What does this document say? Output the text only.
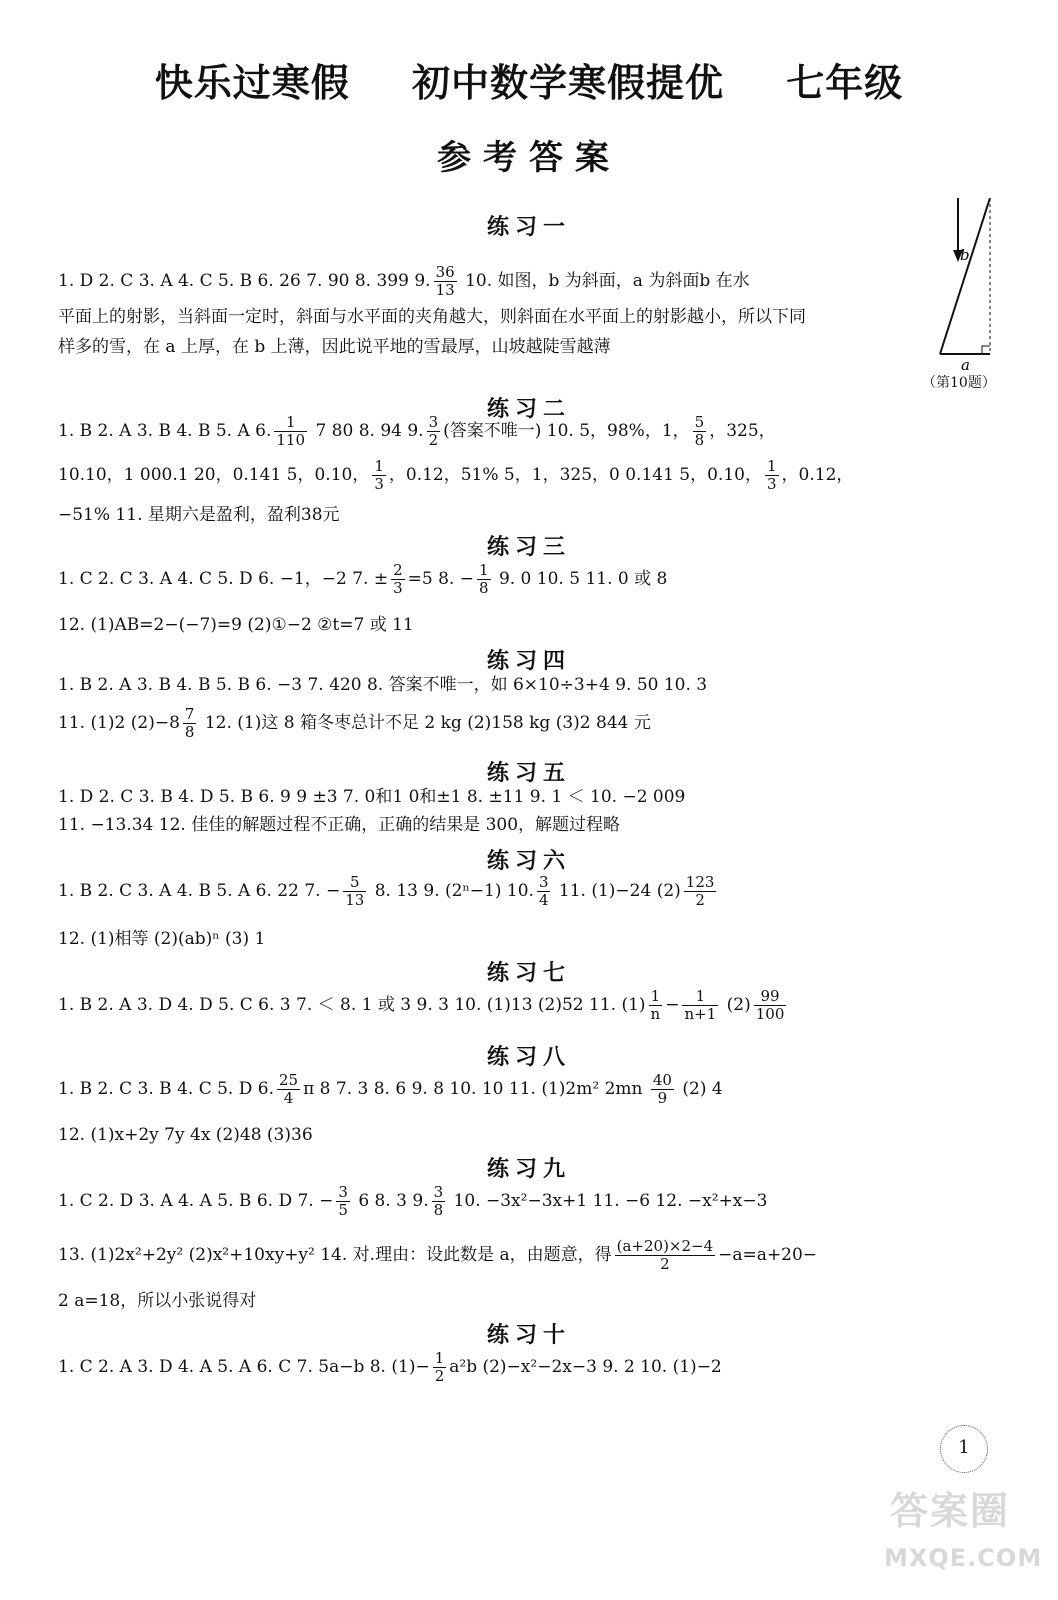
快乐过寒假 初中数学寒假提优 七年级
参考答案
b
a
（第10题）
练习一
1. D 2. C 3. A 4. C 5. B 6. 26 7. 90 8. 399 9. $\frac{36}{13} 10$. 如图，b 为斜面，a 为斜面b 在水
平面上的射影，当斜面一定时，斜面与水平面的夹角越大，则斜面在水平面上的射影越小，所以下同
样多的雪，在 a 上厚，在 b 上薄，因此说平地的雪最厚，山坡越陡雪越薄
练习二
1. B 2. A 3. B 4. B 5. A 6. $\frac{1}{110} 7$ 80 8. 94 9. $\frac{3}{2}$ (答案不唯一) 10. 5，98%，1， $\frac{5}{8}$ ，325，
10.10，1 000.1 20，0.141 5，0.10， $\frac{1}{3}$ ，0.12，51% 5，1，325，0 0.141 5，0.10， $\frac{1}{3}$ ，0.12，
−51% 11. 星期六是盈利，盈利38元
练习三
1. C 2. C 3. A 4. C 5. D 6. −1，−2 7. ± $\frac{2}{3} =5$ 8. − $\frac{1}{8} 9$. 0 10. 5 11. 0 或 8
12. (1)AB=2−(−7)=9 (2)①−2 ②t=7 或 11
练习四
1. B 2. A 3. B 4. B 5. B 6. −3 7. 420 8. 答案不唯一，如 6×10÷3+4 9. 50 10. 3
11. (1)2 $(2)-8 \frac{7}{8} 12$. (1)这 8 箱冬枣总计不足 2 kg (2)158 kg (3)2 844 元
练习五
1. D 2. C 3. B 4. D 5. B 6. 9 9 ±3 7. 0和1 0和±1 8. ±11 9. 1 ＜ 10. −2 009
11. −13.34 12. 佳佳的解题过程不正确，正确的结果是 300，解题过程略
练习六
1. B 2. C 3. A 4. B 5. A 6. 22 7. − $\frac{5}{13} 8$. 13 9. (2ⁿ−1) 10. $\frac{3}{4} 11$. (1)−24 $(2) \frac{123}{2}$
12. (1)相等 (2)(ab)ⁿ (3) 1
练习七
1. B 2. A 3. D 4. D 5. C 6. 3 7. ＜ 8. 1 或 3 9. 3 10. (1)13 (2)52 11. $(1) \frac{1}{n} - \frac{1}{n+1} (2) \frac{99}{100}$
练习八
1. B 2. C 3. B 4. C 5. D 6. $\frac{25}{4}$ π 8 7. 3 8. 6 9. 8 10. 10 11. (1)2m² $2mn \frac{40}{9} (2)$ 4
12. (1)x+2y 7y 4x (2)48 (3)36
练习九
1. C 2. D 3. A 4. A 5. B 6. D 7. − $\frac{3}{5} 6$ 8. 3 9. $\frac{3}{8} 10$. −3x²−3x+1 11. −6 12. −x²+x−3
13. (1)2x²+2y² (2)x²+10xy+y² 14. 对.理由：设此数是 a，由题意，得 $\frac{(a+20)\times 2-4}{2} -a=a+20-$
2 a=18，所以小张说得对
练习十
1. C 2. A 3. D 4. A 5. A 6. C 7. 5a−b 8. $(1)- \frac{1}{2} a^2b$ (2)−x²−2x−3 9. 2 10. (1)−2
1
答案圈
MXQE.COM
